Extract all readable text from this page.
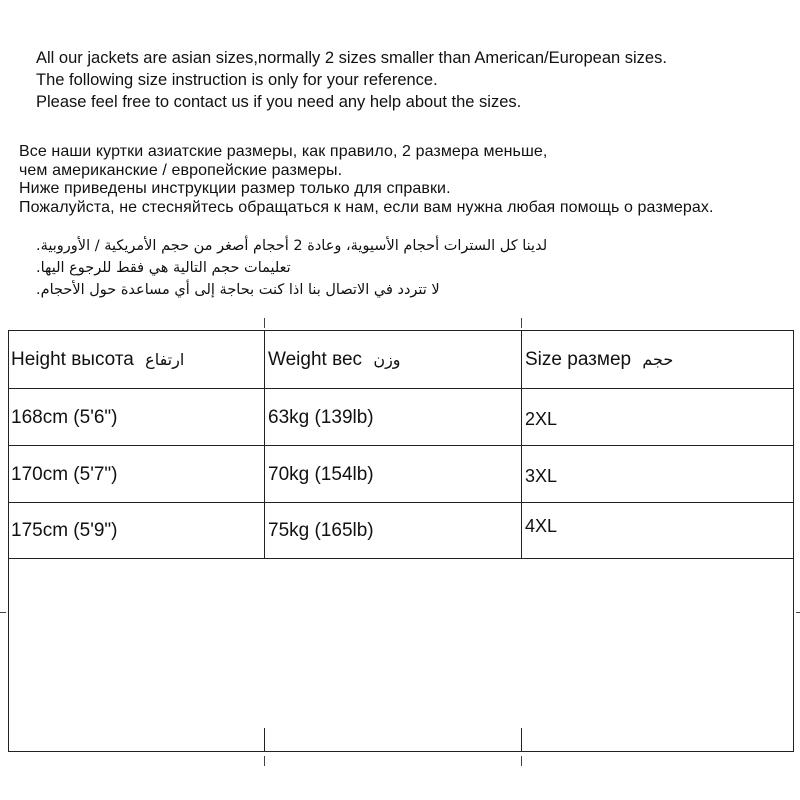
All our jackets are asian sizes,normally 2 sizes smaller than American/European sizes.
The following size instruction is only for your reference.
Please feel free to contact us if you need any help about the sizes.
Все наши куртки азиатские размеры, как правило, 2 размера меньше,
чем американские / европейские размеры.
Ниже приведены инструкции размер только для справки.
Пожалуйста, не стесняйтесь обращаться к нам, если вам нужна любая помощь о размерах.
لدينا كل السترات أحجام الأسيوية، وعادة 2 أحجام أصغر من حجم الأمريكية / الأوروبية.
تعليمات حجم التالية هي فقط للرجوع اليها.
لا تتردد في الاتصال بنا اذا كنت بحاجة إلى أي مساعدة حول الأحجام.
Height высота ارتفاع	Weight вес وزن	Size размер حجم
168cm (5'6")	63kg (139lb)	2XL
170cm (5'7")	70kg (154lb)	3XL
175cm (5'9")	75kg (165lb)	4XL
